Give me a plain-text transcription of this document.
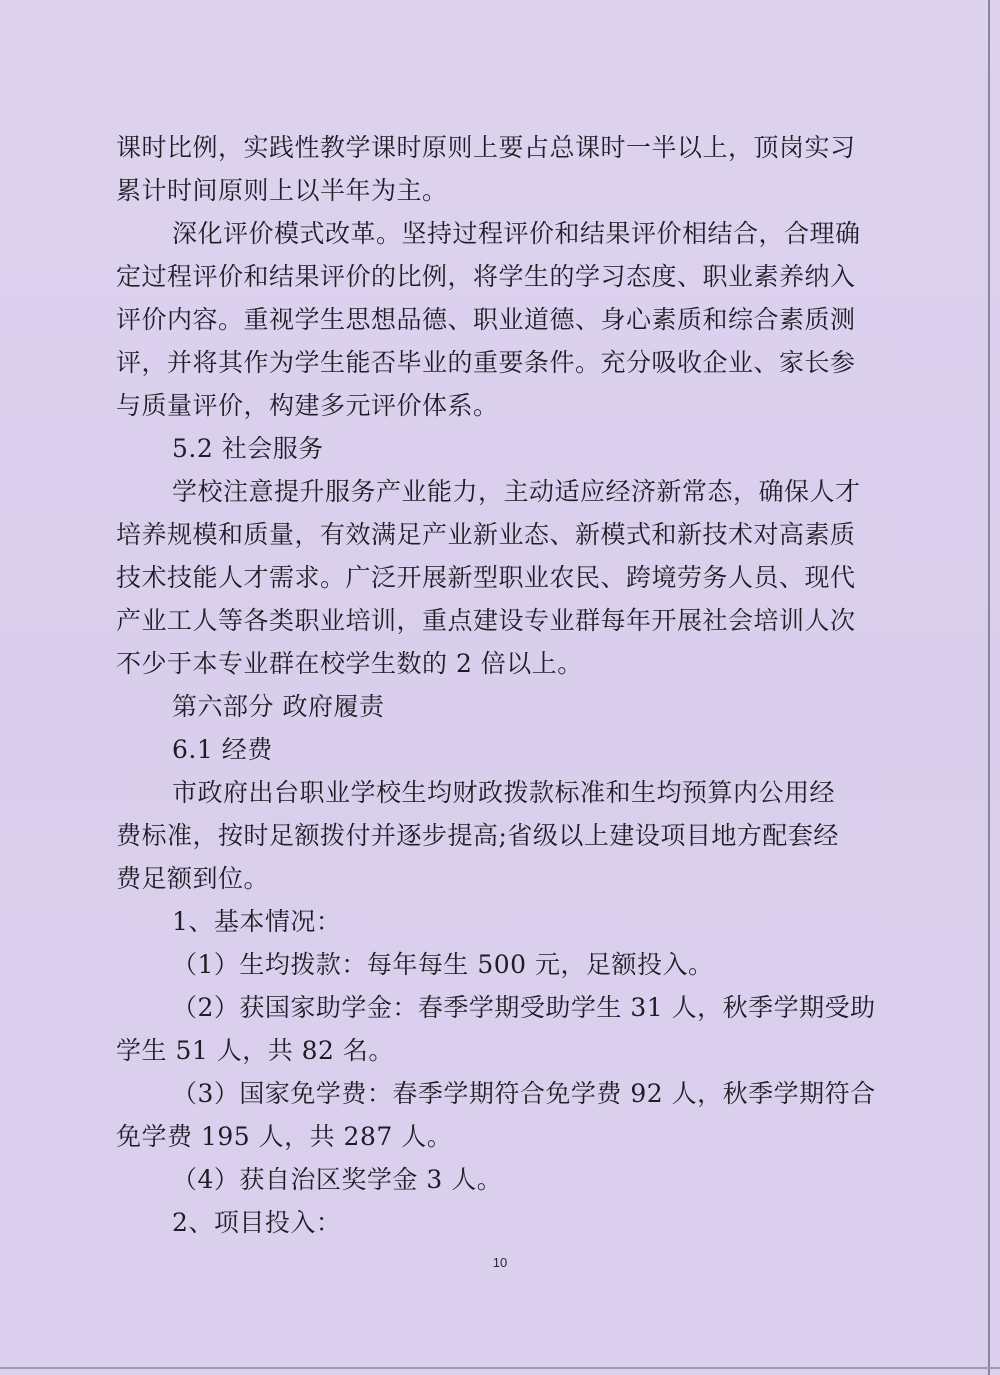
课时比例，实践性教学课时原则上要占总课时一半以上，顶岗实习
累计时间原则上以半年为主。
深化评价模式改革。坚持过程评价和结果评价相结合，合理确
定过程评价和结果评价的比例，将学生的学习态度、职业素养纳入
评价内容。重视学生思想品德、职业道德、身心素质和综合素质测
评，并将其作为学生能否毕业的重要条件。充分吸收企业、家长参
与质量评价，构建多元评价体系。
5.2 社会服务
学校注意提升服务产业能力，主动适应经济新常态，确保人才
培养规模和质量，有效满足产业新业态、新模式和新技术对高素质
技术技能人才需求。广泛开展新型职业农民、跨境劳务人员、现代
产业工人等各类职业培训，重点建设专业群每年开展社会培训人次
不少于本专业群在校学生数的 2 倍以上。
第六部分 政府履责
6.1 经费
市政府出台职业学校生均财政拨款标准和生均预算内公用经
费标准，按时足额拨付并逐步提高;省级以上建设项目地方配套经
费足额到位。
1、基本情况：
（1）生均拨款：每年每生 500 元，足额投入。
（2）获国家助学金：春季学期受助学生 31 人，秋季学期受助
学生 51 人，共 82 名。
（3）国家免学费：春季学期符合免学费 92 人，秋季学期符合
免学费 195 人，共 287 人。
（4）获自治区奖学金 3 人。
2、项目投入：
10
